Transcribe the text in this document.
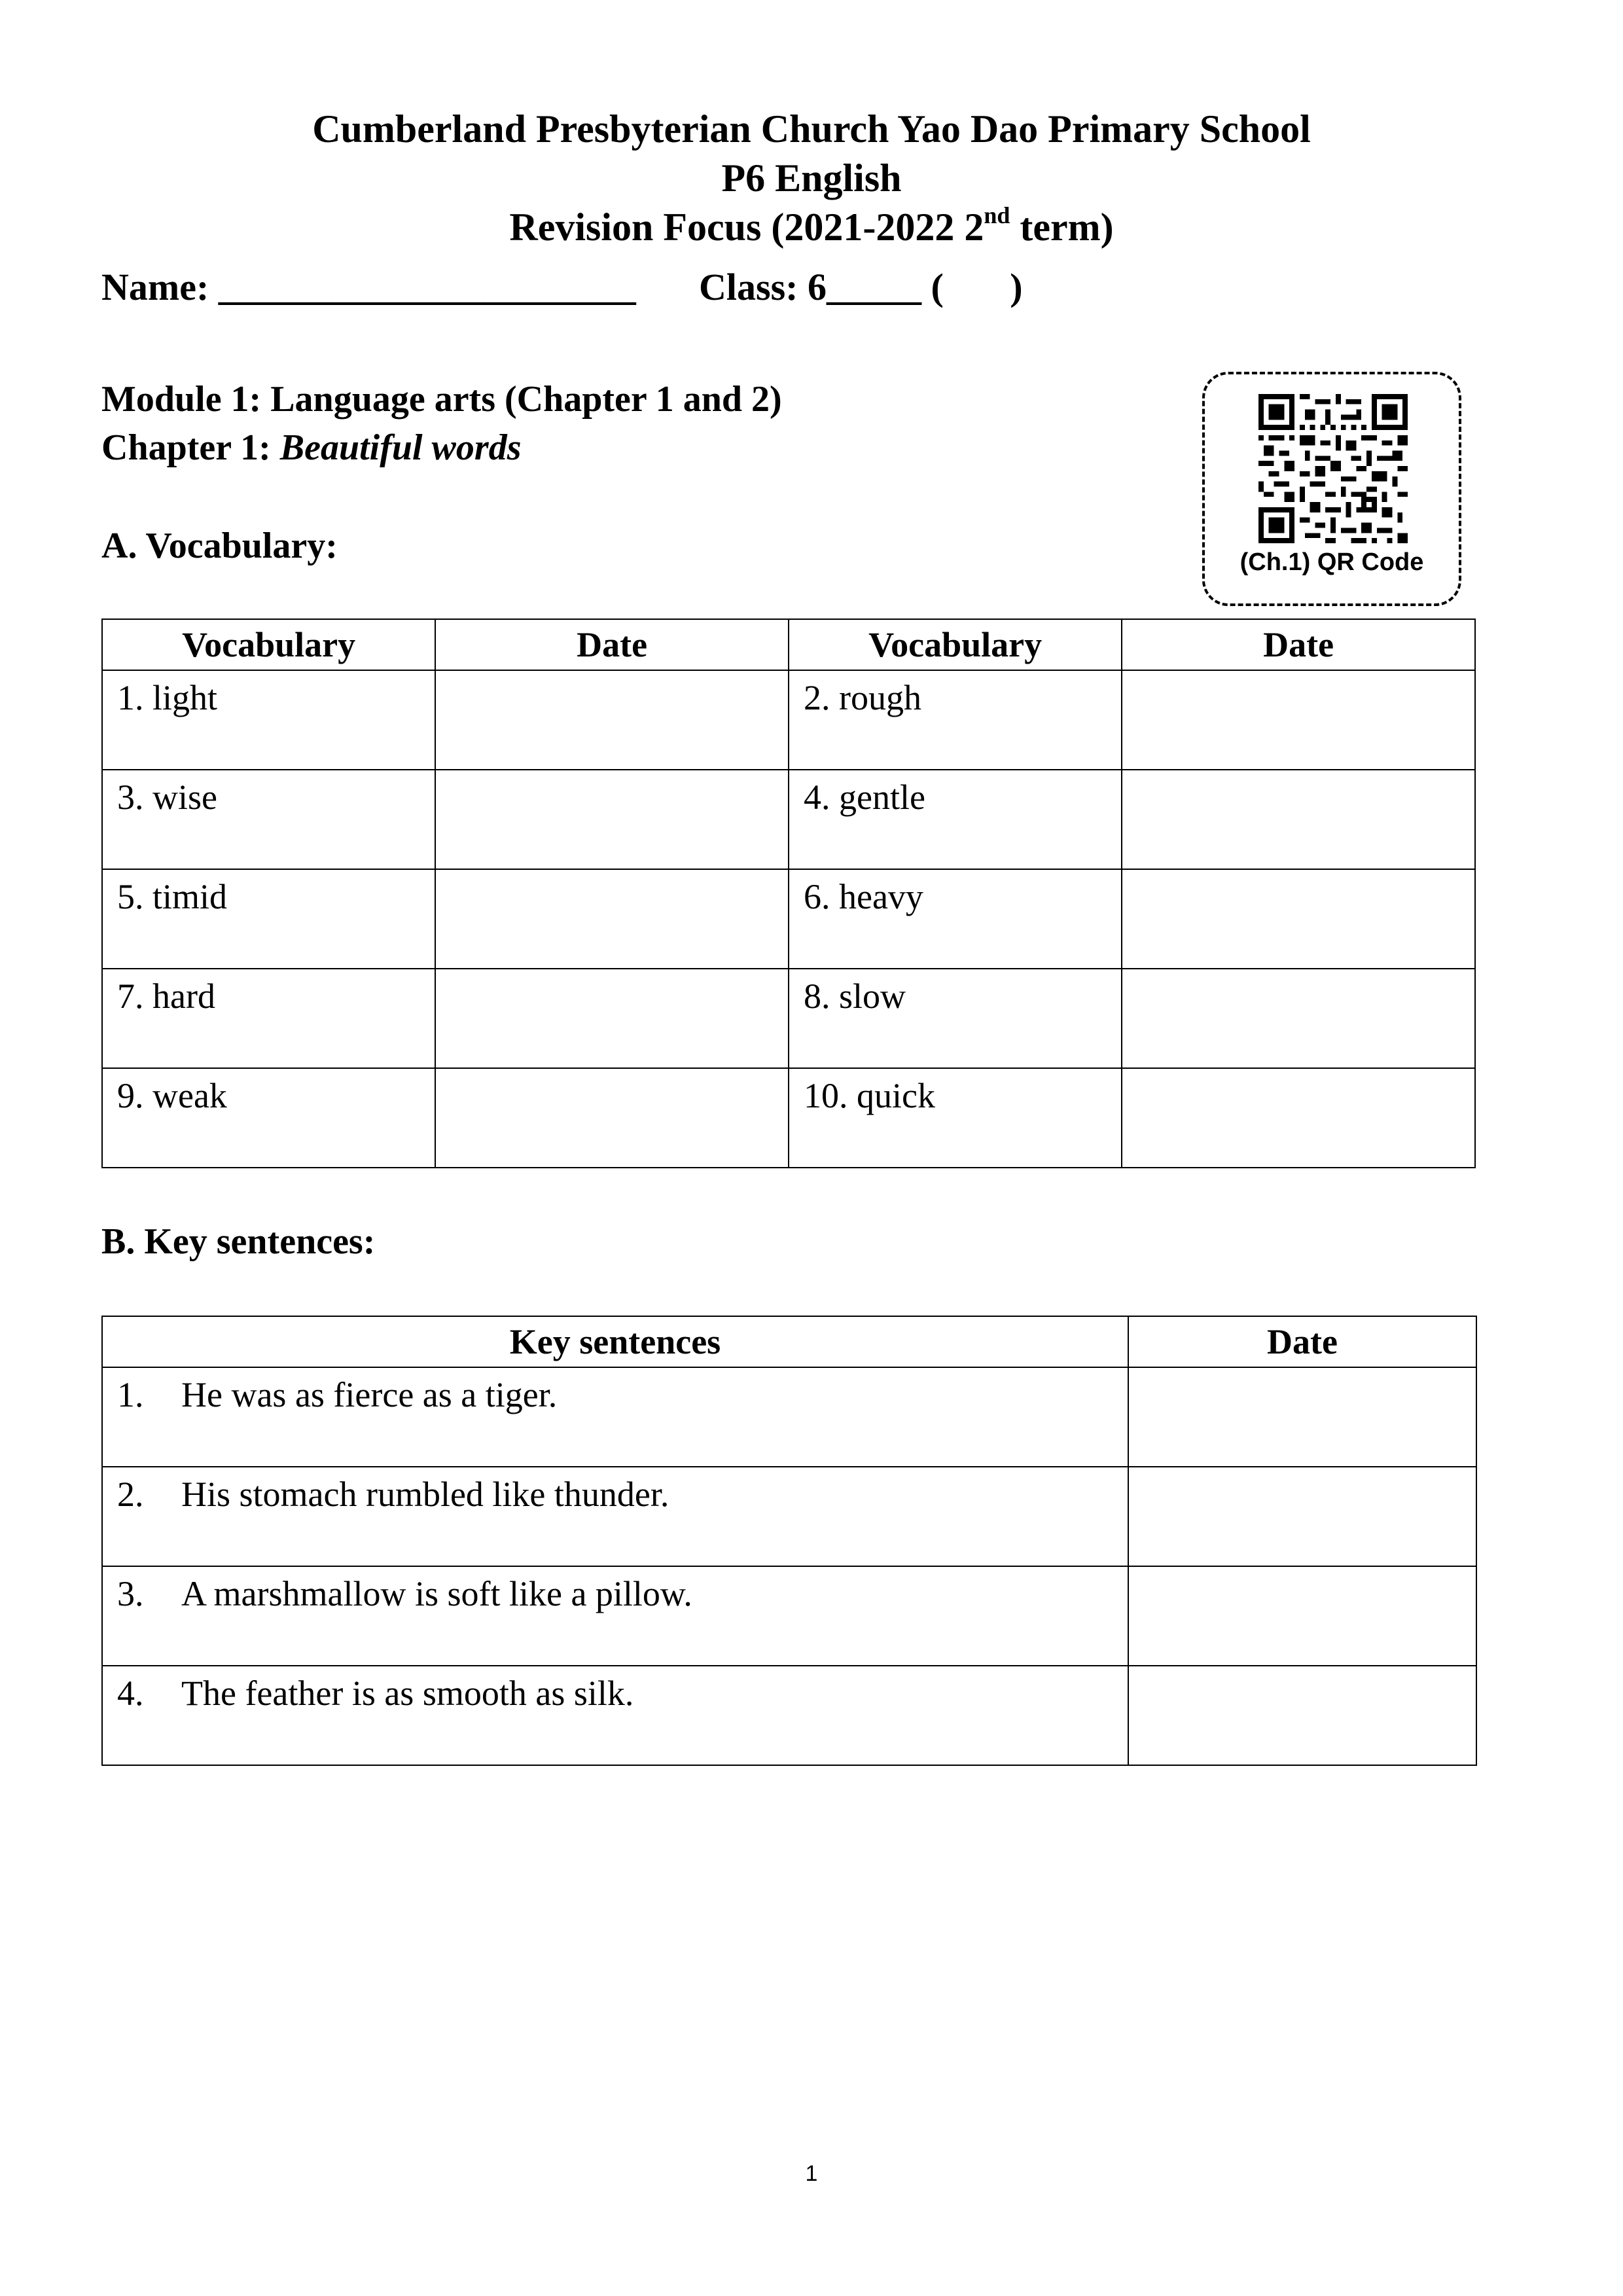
Cumberland Presbyterian Church Yao Dao Primary School
P6 English
Revision Focus (2021-2022 2nd term)
Name: ______________________ Class: 6_____ (       )
Module 1: Language arts (Chapter 1 and 2)
Chapter 1: Beautiful words
(Ch.1) QR Code
A. Vocabulary:
Vocabulary	Date	Vocabulary	Date

1. light		2. rough	

3. wise		4. gentle	

5. timid		6. heavy	

7. hard		8. slow	

9. weak		10. quick	

B. Key sentences:
Key sentences	Date

1. He was as fierce as a tiger.	

2. His stomach rumbled like thunder.	

3. A marshmallow is soft like a pillow.	

4. The feather is as smooth as silk.	

1
